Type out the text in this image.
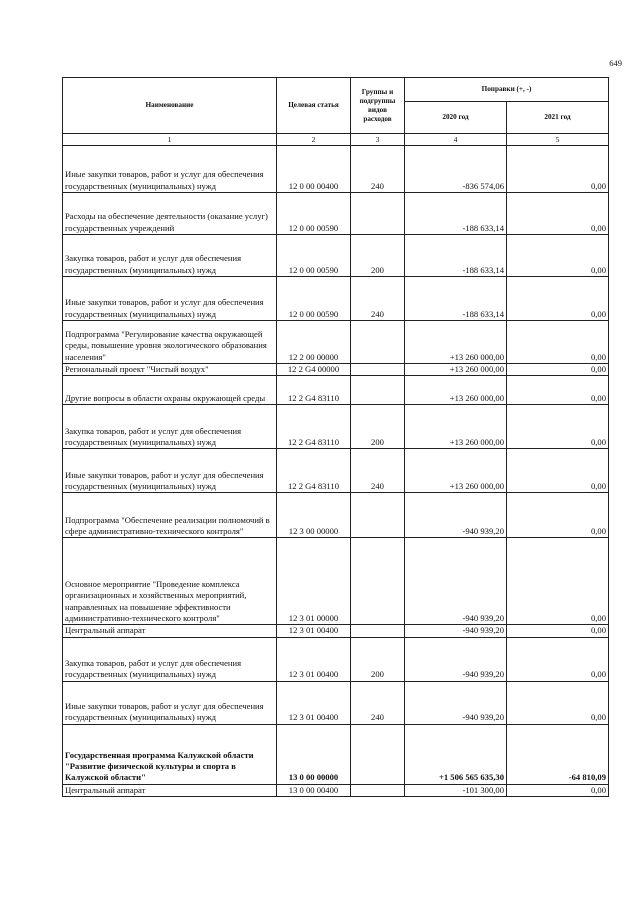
649
Наименование	Целевая статья	Группы и подгруппы видов расходов	Поправки (+, -)	
			2020 год	2021 год
1	2	3	4	5
Иные закупки товаров, работ и услуг для обеспечения государственных (муниципальных) нужд	12 0 00 00400	240	-836 574,06	0,00
Расходы на обеспечение деятельности (оказание услуг) государственных учреждений	12 0 00 00590		-188 633,14	0,00
Закупка товаров, работ и услуг для обеспечения государственных (муниципальных) нужд	12 0 00 00590	200	-188 633,14	0,00
Иные закупки товаров, работ и услуг для обеспечения государственных (муниципальных) нужд	12 0 00 00590	240	-188 633,14	0,00
Подпрограмма "Регулирование качества окружающей среды, повышение уровня экологического образования населения"	12 2 00 00000		+13 260 000,00	0,00
Региональный проект "Чистый воздух"	12 2 G4 00000		+13 260 000,00	0,00
Другие вопросы в области охраны окружающей среды	12 2 G4 83110		+13 260 000,00	0,00
Закупка товаров, работ и услуг для обеспечения государственных (муниципальных) нужд	12 2 G4 83110	200	+13 260 000,00	0,00
Иные закупки товаров, работ и услуг для обеспечения государственных (муниципальных) нужд	12 2 G4 83110	240	+13 260 000,00	0,00
Подпрограмма "Обеспечение реализации полномочий в сфере административно-технического контроля"	12 3 00 00000		-940 939,20	0,00
Основное мероприятие "Проведение комплекса организационных и хозяйственных мероприятий, направленных на повышение эффективности административно-технического контроля"	12 3 01 00000		-940 939,20	0,00
Центральный аппарат	12 3 01 00400		-940 939,20	0,00
Закупка товаров, работ и услуг для обеспечения государственных (муниципальных) нужд	12 3 01 00400	200	-940 939,20	0,00
Иные закупки товаров, работ и услуг для обеспечения государственных (муниципальных) нужд	12 3 01 00400	240	-940 939,20	0,00
Государственная программа Калужской области "Развитие физической культуры и спорта в Калужской области"	13 0 00 00000		+1 506 565 635,30	-64 810,09
Центральный аппарат	13 0 00 00400		-101 300,00	0,00
